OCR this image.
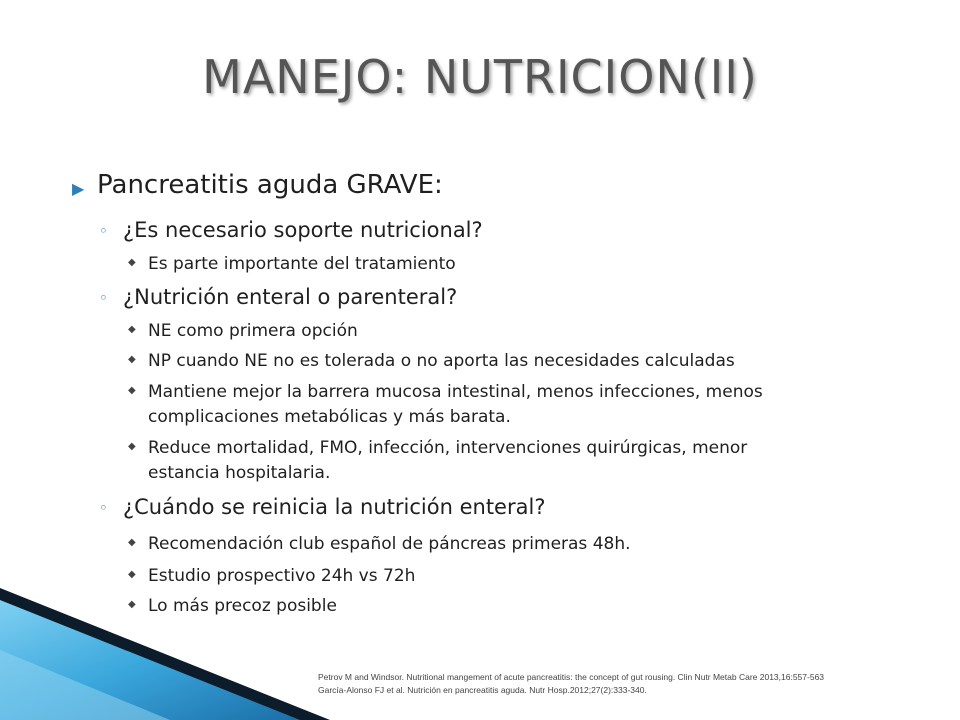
MANEJO: NUTRICION(II)
▶ Pancreatitis aguda GRAVE:
◦ ¿Es necesario soporte nutricional?
◆ Es parte importante del tratamiento
◦ ¿Nutrición enteral o parenteral?
◆ NE como primera opción
◆ NP cuando NE no es tolerada o no aporta las necesidades calculadas
◆ Mantiene mejor la barrera mucosa intestinal, menos infecciones, menos
complicaciones metabólicas y más barata.
◆ Reduce mortalidad, FMO, infección, intervenciones quirúrgicas, menor
estancia hospitalaria.
◦ ¿Cuándo se reinicia la nutrición enteral?
◆ Recomendación club español de páncreas primeras 48h.
◆ Estudio prospectivo 24h vs 72h
◆ Lo más precoz posible
Petrov M and Windsor. Nutritional mangement of acute pancreatitis: the concept of gut rousing. Clin Nutr Metab Care 2013,16:557-563
García-Alonso FJ et al. Nutrición en pancreatitis aguda. Nutr Hosp.2012;27(2):333-340.
